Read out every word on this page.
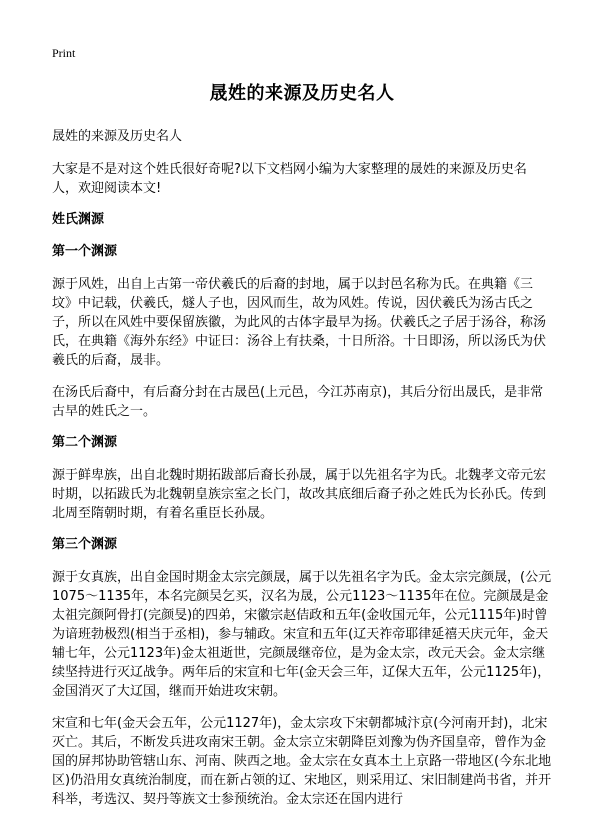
Print
晟姓的来源及历史名人
晟姓的来源及历史名人
大家是不是对这个姓氏很好奇呢?以下文档网小编为大家整理的晟姓的来源及历史名人，欢迎阅读本文!
姓氏渊源
第一个渊源
源于风姓，出自上古第一帝伏羲氏的后裔的封地，属于以封邑名称为氏。在典籍《三坟》中记载，伏羲氏，燧人子也，因风而生，故为风姓。传说，因伏羲氏为汤古氏之子，所以在风姓中要保留族徽，为此风的古体字最早为扬。伏羲氏之子居于汤谷，称汤氏，在典籍《海外东经》中证曰：汤谷上有扶桑，十日所浴。十日即汤，所以汤氏为伏羲氏的后裔，晟非。
在汤氏后裔中，有后裔分封在古晟邑(上元邑，今江苏南京)，其后分衍出晟氏，是非常古早的姓氏之一。
第二个渊源
源于鲜卑族，出自北魏时期拓跋部后裔长孙晟，属于以先祖名字为氏。北魏孝文帝元宏时期，以拓跋氏为北魏朝皇族宗室之长门，故改其底细后裔子孙之姓氏为长孙氏。传到北周至隋朝时期，有着名重臣长孙晟。
第三个渊源
源于女真族，出自金国时期金太宗完颜晟，属于以先祖名字为氏。金太宗完颜晟，(公元1075～1135年，本名完颜吴乞买，汉名为晟，公元1123～1135年在位。完颜晟是金太祖完颜阿骨打(完颜旻)的四弟，宋徽宗赵佶政和五年(金收国元年，公元1115年)时曾为谙班勃极烈(相当于丞相)，参与辅政。宋宣和五年(辽天祚帝耶律延禧天庆元年，金天辅七年，公元1123年)金太祖逝世，完颜晟继帝位，是为金太宗，改元天会。金太宗继续坚持进行灭辽战争。两年后的宋宣和七年(金天会三年，辽保大五年，公元1125年)，金国消灭了大辽国，继而开始进攻宋朝。
宋宣和七年(金天会五年，公元1127年)，金太宗攻下宋朝都城汴京(今河南开封)，北宋灭亡。其后，不断发兵进攻南宋王朝。金太宗立宋朝降臣刘豫为伪齐国皇帝，曾作为金国的屏邦协助管辖山东、河南、陕西之地。金太宗在女真本土上京路一带地区(今东北地区)仍沿用女真统治制度，而在新占领的辽、宋地区，则采用辽、宋旧制建尚书省，并开科举，考选汉、契丹等族文士参预统治。金太宗还在国内进行
